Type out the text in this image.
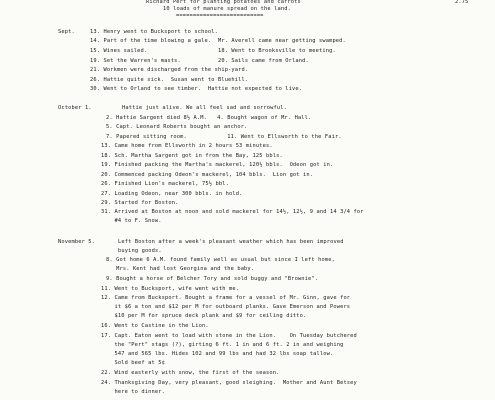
Richard Pert for planting potatoes and carrots	2.75
10 loads of manure spread on the land.
==========================
Sept.	13. Henry went to Bucksport to school.
14. Part of the time blowing a gale.  Mr. Averell came near getting swamped.
15. Wines sailed.                     18. Went to Brooksville to meeting.
19. Set the Warren's masts.           20. Sails came from Orland.
21. Workmen were discharged from the ship-yard.
26. Hattie quite sick.  Susan went to Bluehill.
30. Went to Orland to see timber.  Hattie not expected to live.
October 1.	Hattie just alive. We all feel sad and sorrowful.
2. Hattie Sargent died 8½ A.M.   4. Bought wagon of Mr. Hall.
5. Capt. Leonard Roberts bought an anchor.
7. Papered sitting room.            11. Went to Ellsworth to the Fair.
13. Came home from Ellsworth in 2 hours 53 minutes.
18. Sch. Martha Sargent got in from the Bay, 125 bbls.
19. Finished packing the Martha's mackerel, 120½ bbls.  Odeon got in.
20. Commenced packing Odeon's mackerel, 104 bbls.  Lion got in.
26. Finished Lion's mackerel, 75½ bbl.
27. Loading Odeon, near 300 bbls. in hold.
29. Started for Boston.
31. Arrived at Boston at noon and sold mackerel for 14½, 12½, 9 and 14 3/4 for
#4 to F. Snow.
November 5.	Left Boston after a week's pleasant weather which has been improved
buying goods.
8. Got home 6 A.M. found family well as usual but since I left home,
Mrs. Kent had lost Georgina and the baby.
9. Bought a horse of Belcher Tory and sold buggy and "Brownie".
11. Went to Bucksport, wife went with me.
12. Came from Bucksport. Bought a frame for a vessel of Mr. Ginn, gave for
it $6 a ton and $12 per M for outboard planks. Gave Emerson and Powers
$10 per M for spruce deck plank and $9 for ceiling ditto.
16. Went to Castine in the Lion.
17. Capt. Eaton went to load with stone in the Lion.    On Tuesday butchered
the "Pert" stags (?), girting 6 ft. 1 in and 6 ft. 2 in and weighing
547 and 565 lbs. Hides 102 and 99 lbs and had 32 lbs soap tallow.
Sold beef at 5¢
22. Wind easterly with snow, the first of the season.
24. Thanksgiving Day, very pleasant, good sleighing.  Mother and Aunt Betsey
here to dinner.
